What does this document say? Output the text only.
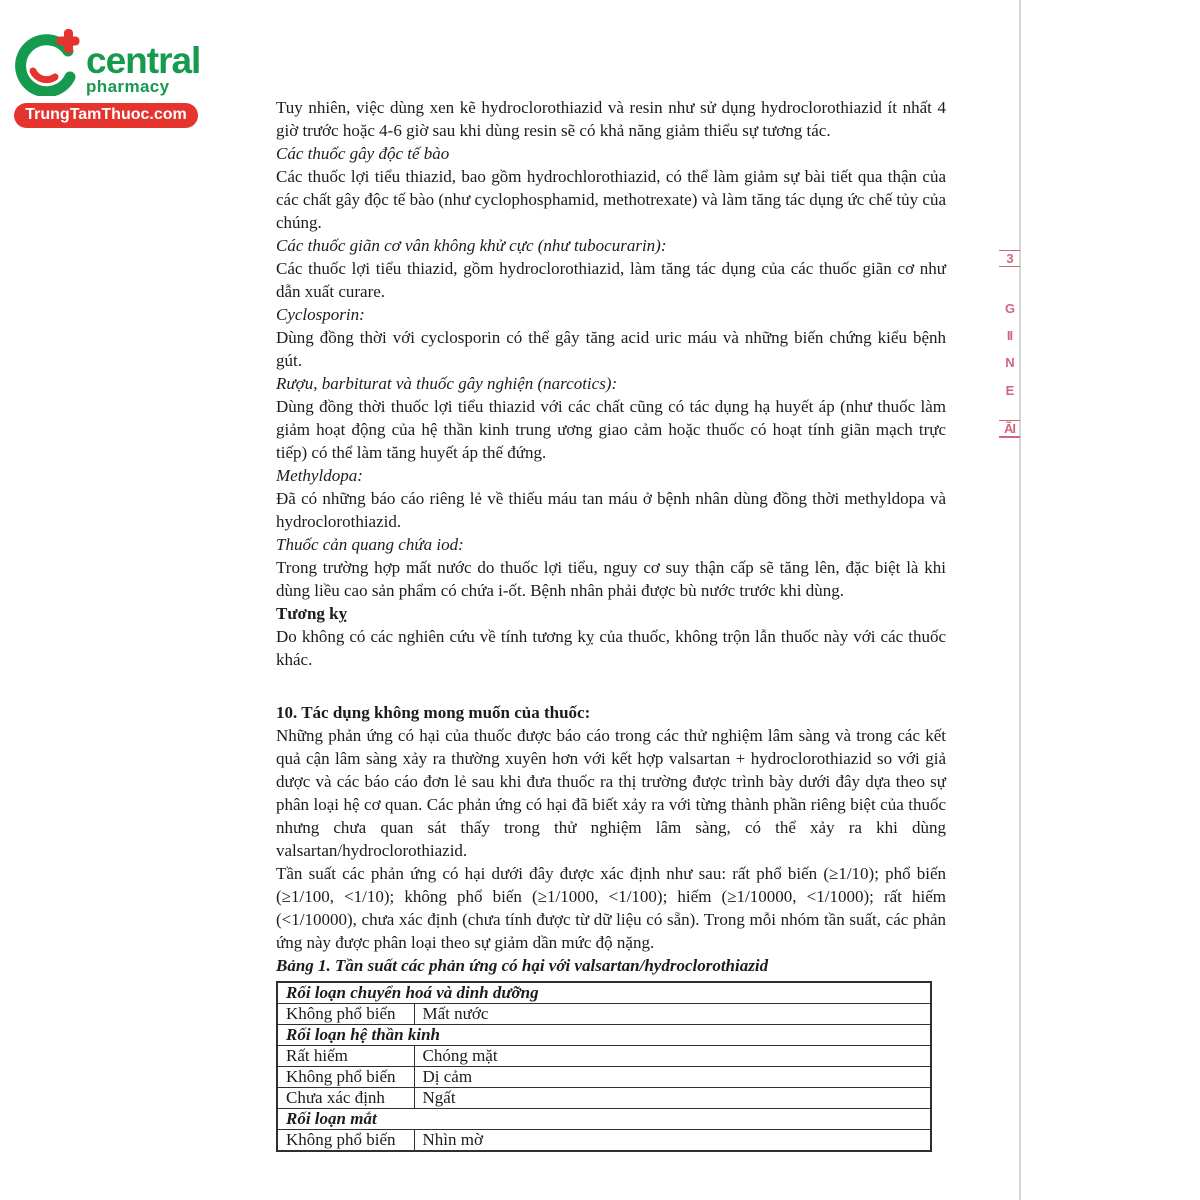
central
pharmacy
TrungTamThuoc.com
3
G
II
N
E
ÃI

Tuy nhiên, việc dùng xen kẽ hydroclorothiazid và resin như sử dụng hydroclorothiazid ít nhất 4 giờ trước hoặc 4-6 giờ sau khi dùng resin sẽ có khả năng giảm thiểu sự tương tác.

Các thuốc gây độc tế bào

Các thuốc lợi tiểu thiazid, bao gồm hydrochlorothiazid, có thể làm giảm sự bài tiết qua thận của các chất gây độc tế bào (như cyclophosphamid, methotrexate) và làm tăng tác dụng ức chế tủy của chúng.

Các thuốc giãn cơ vân không khử cực (như tubocurarin):

Các thuốc lợi tiểu thiazid, gồm hydroclorothiazid, làm tăng tác dụng của các thuốc giãn cơ như dẫn xuất curare.

Cyclosporin:

Dùng đồng thời với cyclosporin có thể gây tăng acid uric máu và những biến chứng kiểu bệnh gút.

Rượu, barbiturat và thuốc gây nghiện (narcotics):

Dùng đồng thời thuốc lợi tiểu thiazid với các chất cũng có tác dụng hạ huyết áp (như thuốc làm giảm hoạt động của hệ thần kinh trung ương giao cảm hoặc thuốc có hoạt tính giãn mạch trực tiếp) có thể làm tăng huyết áp thế đứng.

Methyldopa:

Đã có những báo cáo riêng lẻ về thiếu máu tan máu ở bệnh nhân dùng đồng thời methyldopa và hydroclorothiazid.

Thuốc cản quang chứa iod:

Trong trường hợp mất nước do thuốc lợi tiểu, nguy cơ suy thận cấp sẽ tăng lên, đặc biệt là khi dùng liều cao sản phẩm có chứa i-ốt. Bệnh nhân phải được bù nước trước khi dùng.

Tương kỵ

Do không có các nghiên cứu về tính tương kỵ của thuốc, không trộn lẫn thuốc này với các thuốc khác.

10. Tác dụng không mong muốn của thuốc:

Những phản ứng có hại của thuốc được báo cáo trong các thử nghiệm lâm sàng và trong các kết quả cận lâm sàng xảy ra thường xuyên hơn với kết hợp valsartan + hydroclorothiazid so với giả dược và các báo cáo đơn lẻ sau khi đưa thuốc ra thị trường được trình bày dưới đây dựa theo sự phân loại hệ cơ quan. Các phản ứng có hại đã biết xảy ra với từng thành phần riêng biệt của thuốc nhưng chưa quan sát thấy trong thử nghiệm lâm sàng, có thể xảy ra khi dùng valsartan/hydroclorothiazid.

Tần suất các phản ứng có hại dưới đây được xác định như sau: rất phổ biến (≥1/10); phổ biến (≥1/100, <1/10); không phổ biến (≥1/1000, <1/100); hiếm (≥1/10000, <1/1000); rất hiếm (<1/10000), chưa xác định (chưa tính được từ dữ liệu có sẵn). Trong mỗi nhóm tần suất, các phản ứng này được phân loại theo sự giảm dần mức độ nặng.

Bảng 1. Tần suất các phản ứng có hại với valsartan/hydroclorothiazid

Rối loạn chuyển hoá và dinh dưỡng	
Không phổ biến	Mất nước
Rối loạn hệ thần kinh	
Rất hiếm	Chóng mặt
Không phổ biến	Dị cảm
Chưa xác định	Ngất
Rối loạn mắt	
Không phổ biến	Nhìn mờ
